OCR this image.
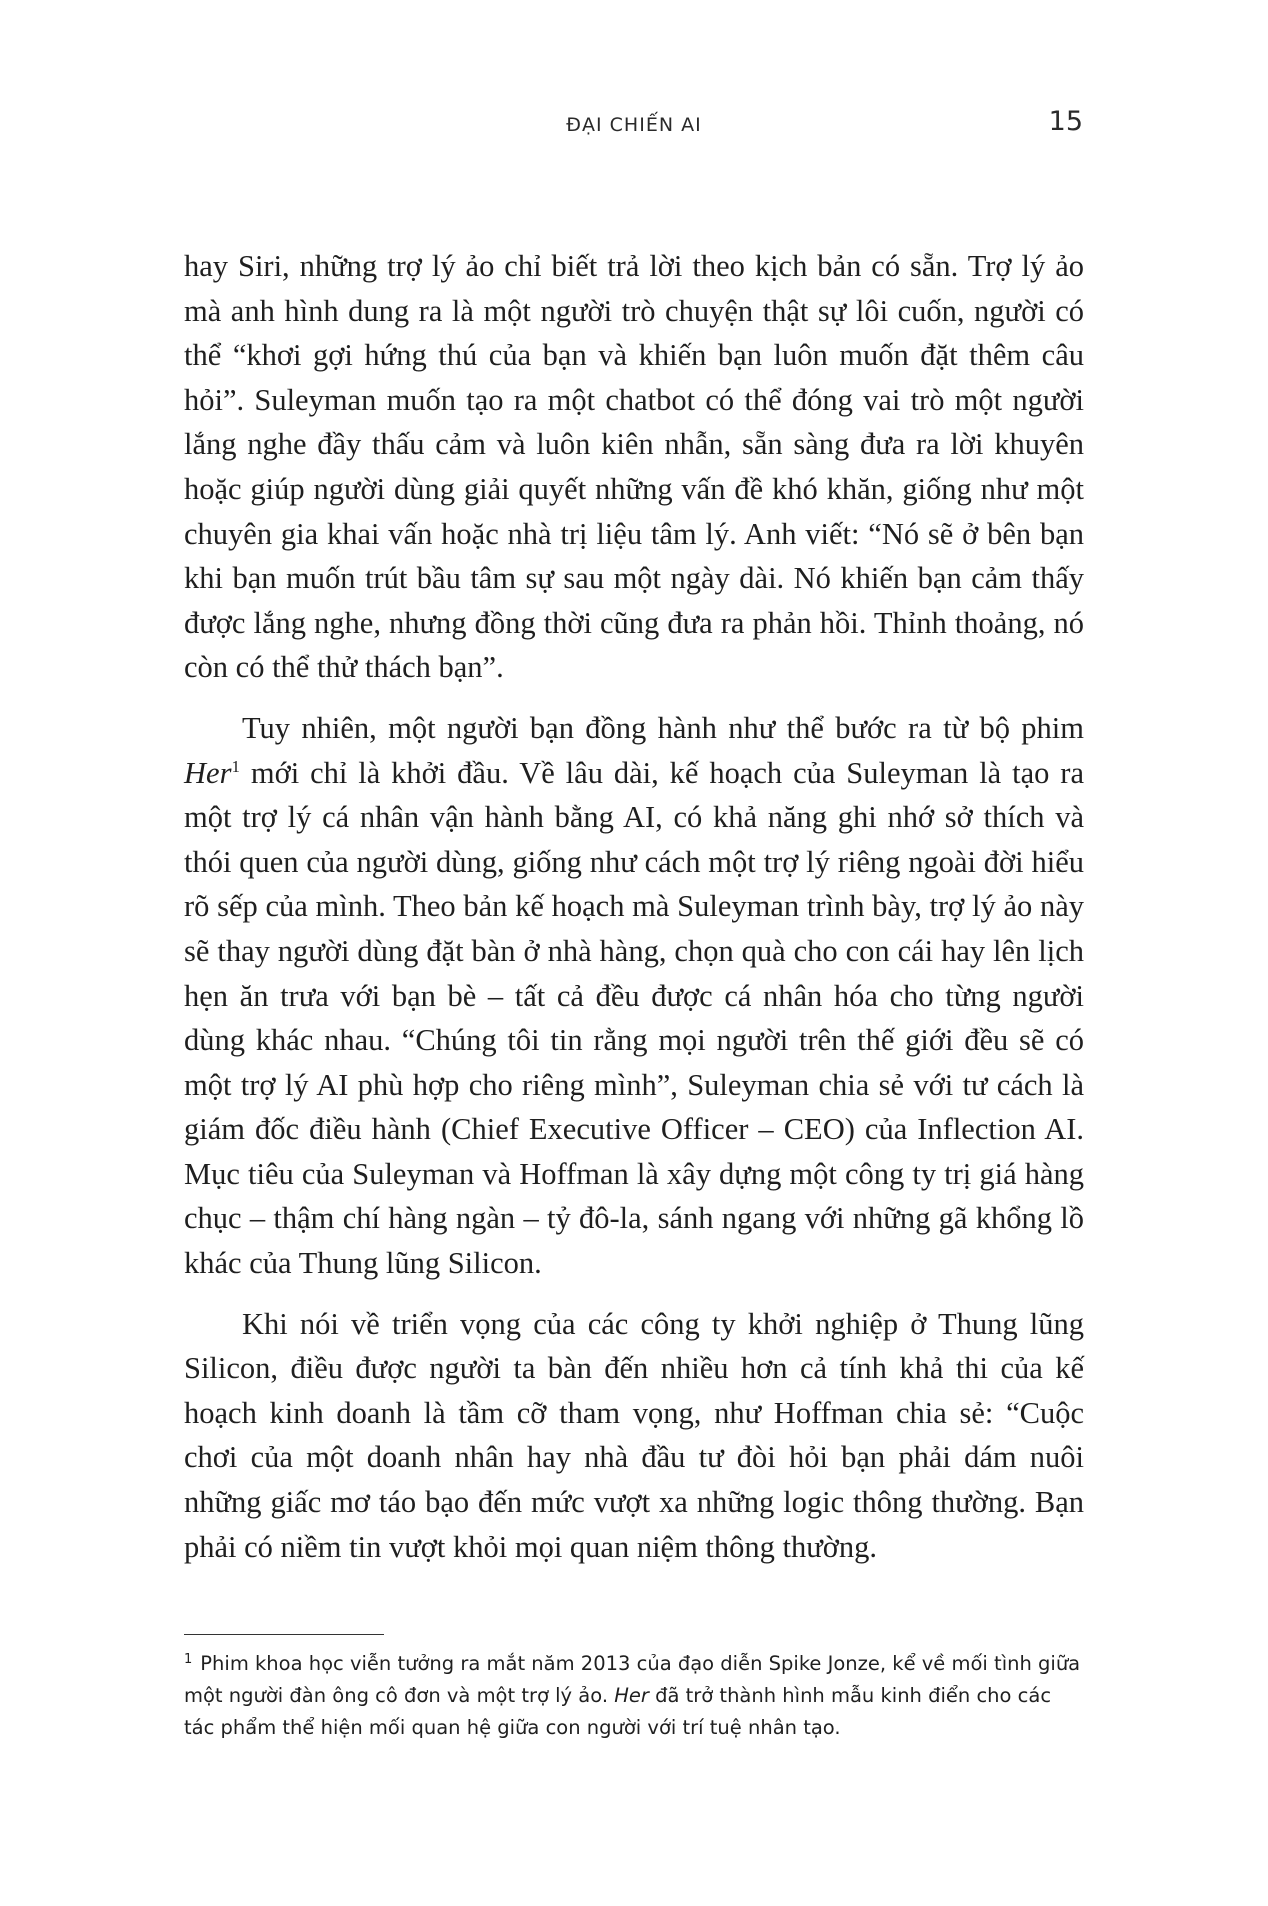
ĐẠI CHIẾN AI	15

hay Siri, những trợ lý ảo chỉ biết trả lời theo kịch bản có sẵn. Trợ lý ảo mà anh hình dung ra là một người trò chuyện thật sự lôi cuốn, người có thể “khơi gợi hứng thú của bạn và khiến bạn luôn muốn đặt thêm câu hỏi”. Suleyman muốn tạo ra một chatbot có thể đóng vai trò một người lắng nghe đầy thấu cảm và luôn kiên nhẫn, sẵn sàng đưa ra lời khuyên hoặc giúp người dùng giải quyết những vấn đề khó khăn, giống như một chuyên gia khai vấn hoặc nhà trị liệu tâm lý. Anh viết: “Nó sẽ ở bên bạn khi bạn muốn trút bầu tâm sự sau một ngày dài. Nó khiến bạn cảm thấy được lắng nghe, nhưng đồng thời cũng đưa ra phản hồi. Thỉnh thoảng, nó còn có thể thử thách bạn”.

Tuy nhiên, một người bạn đồng hành như thể bước ra từ bộ phim Her$^1$ mới chỉ là khởi đầu. Về lâu dài, kế hoạch của Suleyman là tạo ra một trợ lý cá nhân vận hành bằng AI, có khả năng ghi nhớ sở thích và thói quen của người dùng, giống như cách một trợ lý riêng ngoài đời hiểu rõ sếp của mình. Theo bản kế hoạch mà Suleyman trình bày, trợ lý ảo này sẽ thay người dùng đặt bàn ở nhà hàng, chọn quà cho con cái hay lên lịch hẹn ăn trưa với bạn bè – tất cả đều được cá nhân hóa cho từng người dùng khác nhau. “Chúng tôi tin rằng mọi người trên thế giới đều sẽ có một trợ lý AI phù hợp cho riêng mình”, Suleyman chia sẻ với tư cách là giám đốc điều hành (Chief Executive Officer – CEO) của Inflection AI. Mục tiêu của Suleyman và Hoffman là xây dựng một công ty trị giá hàng chục – thậm chí hàng ngàn – tỷ đô-la, sánh ngang với những gã khổng lồ khác của Thung lũng Silicon.

Khi nói về triển vọng của các công ty khởi nghiệp ở Thung lũng Silicon, điều được người ta bàn đến nhiều hơn cả tính khả thi của kế hoạch kinh doanh là tầm cỡ tham vọng, như Hoffman chia sẻ: “Cuộc chơi của một doanh nhân hay nhà đầu tư đòi hỏi bạn phải dám nuôi những giấc mơ táo bạo đến mức vượt xa những logic thông thường. Bạn phải có niềm tin vượt khỏi mọi quan niệm thông thường.

$^1$ Phim khoa học viễn tưởng ra mắt năm 2013 của đạo diễn Spike Jonze, kể về mối tình giữa một người đàn ông cô đơn và một trợ lý ảo. Her đã trở thành hình mẫu kinh điển cho các tác phẩm thể hiện mối quan hệ giữa con người với trí tuệ nhân tạo.
